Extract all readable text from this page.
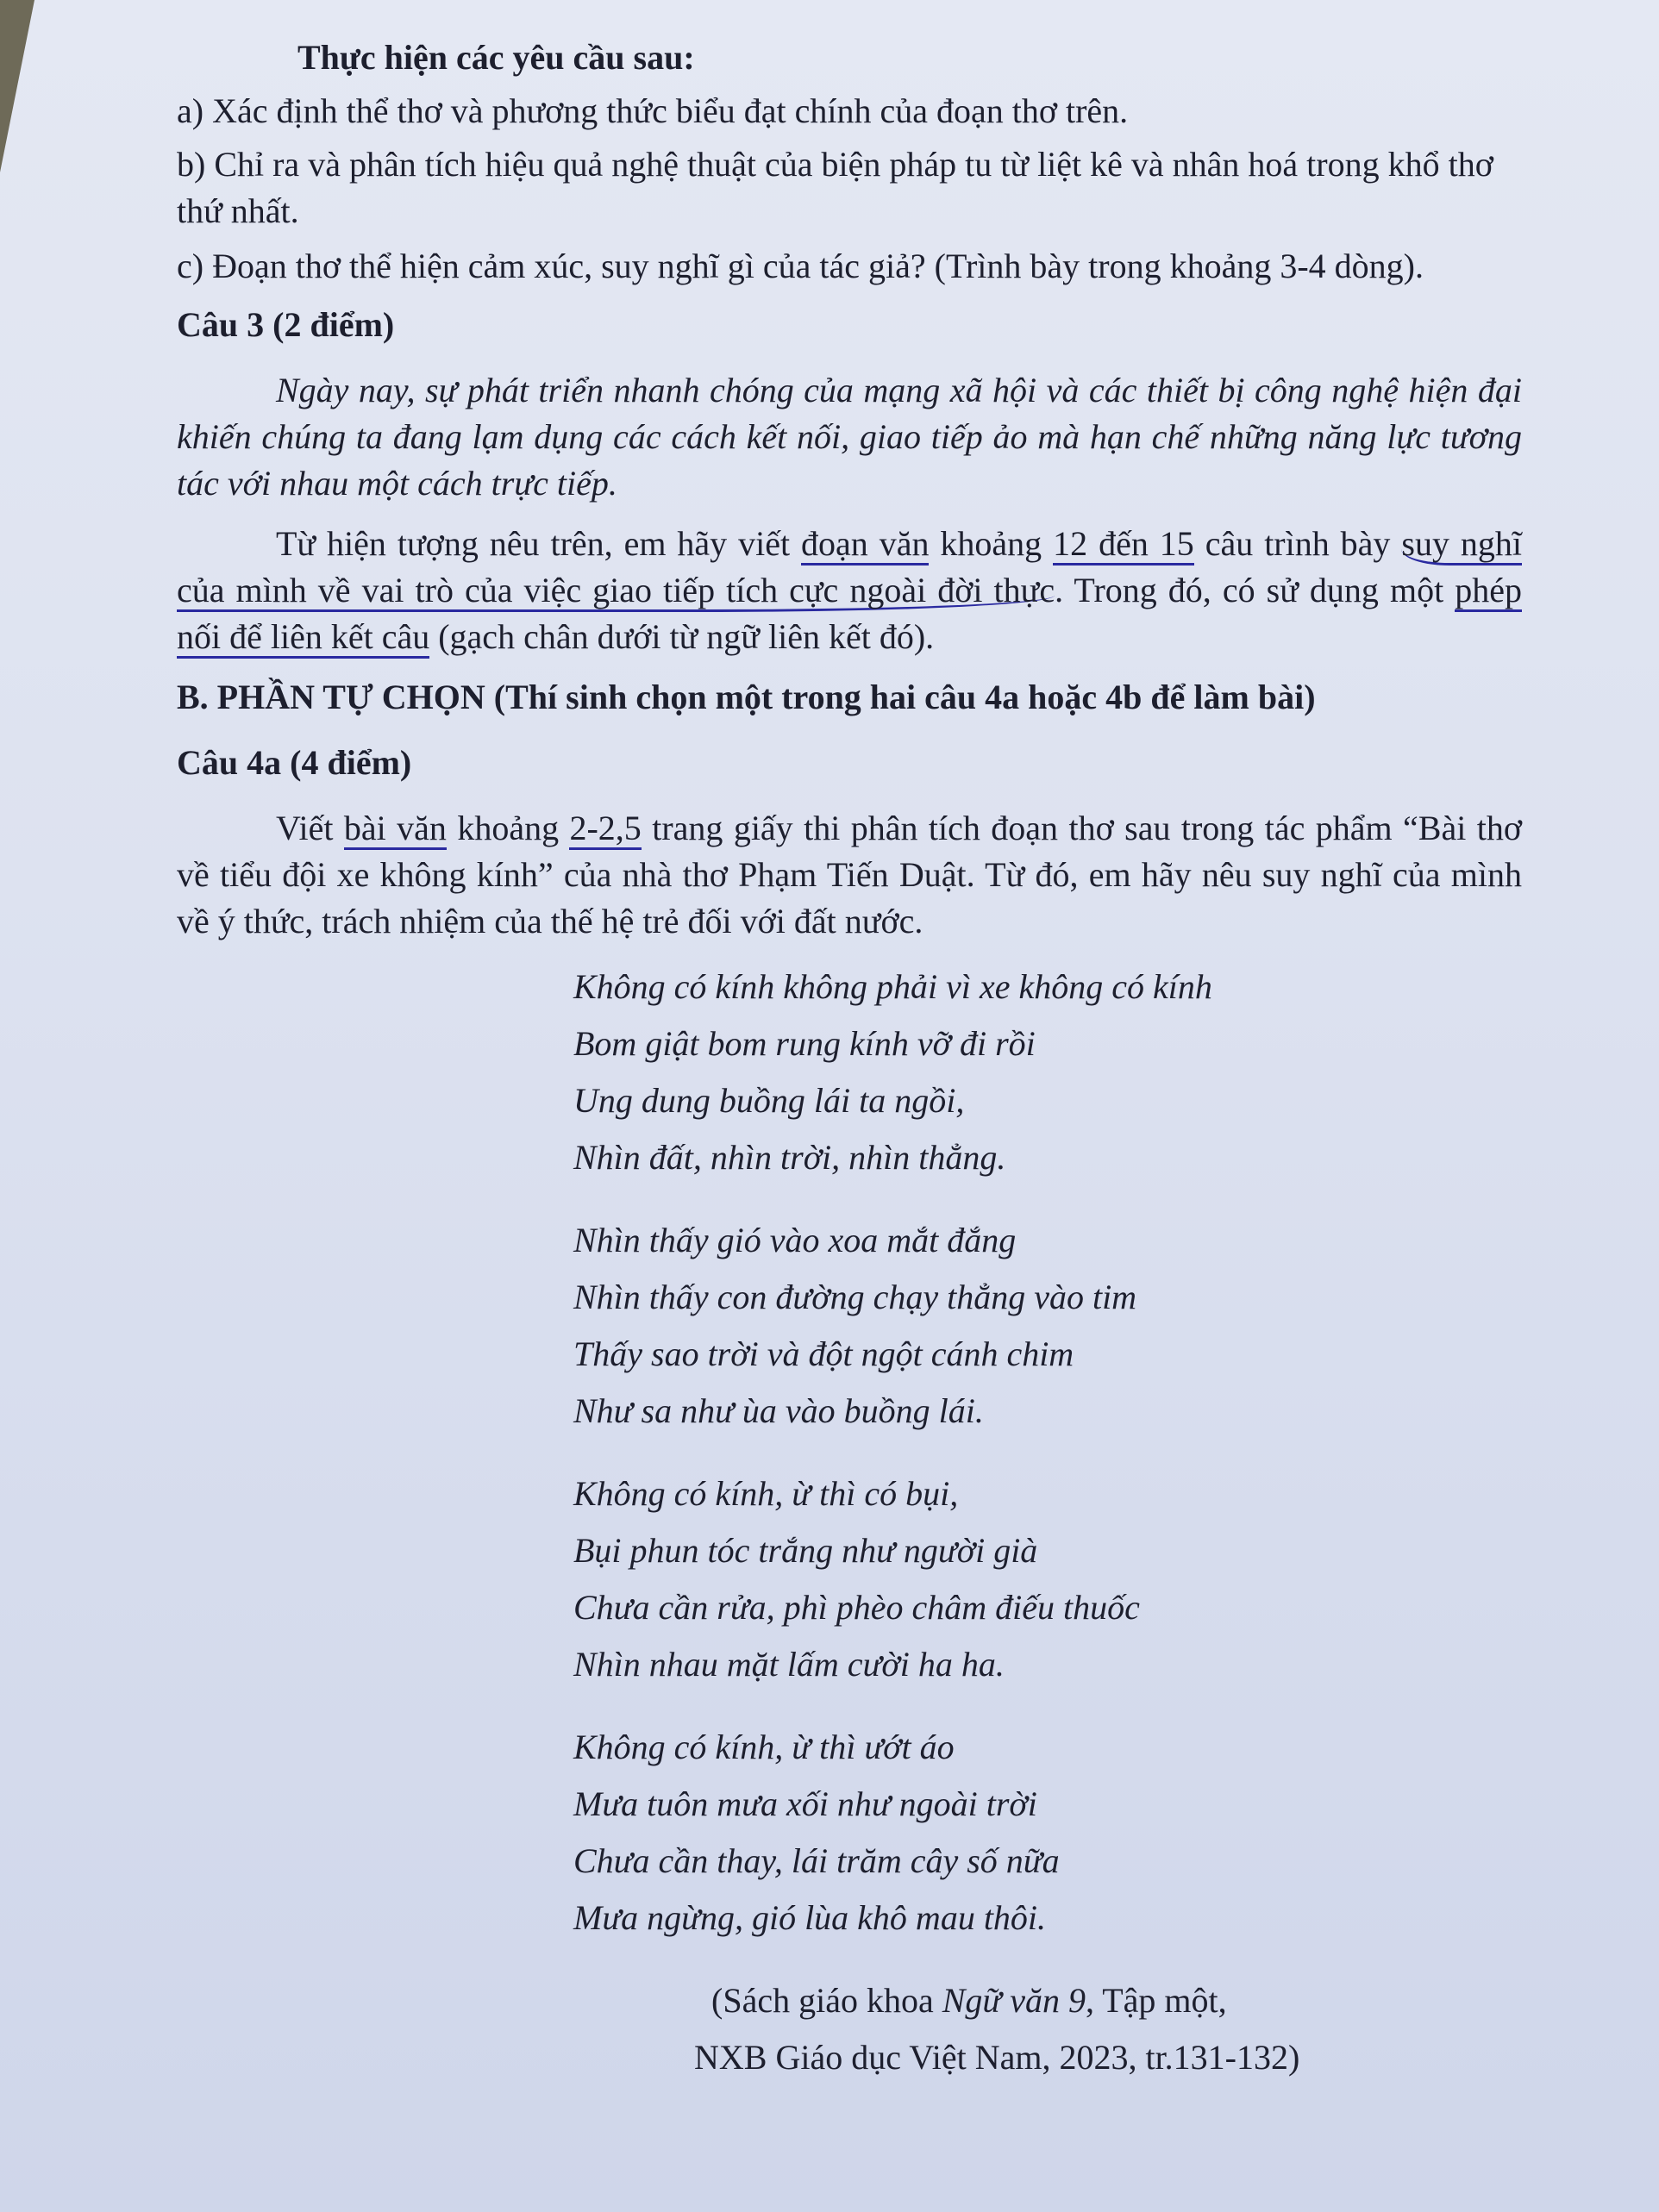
Thực hiện các yêu cầu sau:
a) Xác định thể thơ và phương thức biểu đạt chính của đoạn thơ trên.
b) Chỉ ra và phân tích hiệu quả nghệ thuật của biện pháp tu từ liệt kê và nhân hoá trong khổ thơ thứ nhất.
c) Đoạn thơ thể hiện cảm xúc, suy nghĩ gì của tác giả? (Trình bày trong khoảng 3-4 dòng).
Câu 3 (2 điểm)
Ngày nay, sự phát triển nhanh chóng của mạng xã hội và các thiết bị công nghệ hiện đại khiến chúng ta đang lạm dụng các cách kết nối, giao tiếp ảo mà hạn chế những năng lực tương tác với nhau một cách trực tiếp.
Từ hiện tượng nêu trên, em hãy viết đoạn văn khoảng 12 đến 15 câu trình bày suy nghĩ của mình về vai trò của việc giao tiếp tích cực ngoài đời thực. Trong đó, có sử dụng một phép nối để liên kết câu (gạch chân dưới từ ngữ liên kết đó).
B. PHẦN TỰ CHỌN (Thí sinh chọn một trong hai câu 4a hoặc 4b để làm bài)
Câu 4a (4 điểm)
Viết bài văn khoảng 2-2,5 trang giấy thi phân tích đoạn thơ sau trong tác phẩm “Bài thơ về tiểu đội xe không kính” của nhà thơ Phạm Tiến Duật. Từ đó, em hãy nêu suy nghĩ của mình về ý thức, trách nhiệm của thế hệ trẻ đối với đất nước.
Không có kính không phải vì xe không có kính
Bom giật bom rung kính vỡ đi rồi
Ung dung buồng lái ta ngồi,
Nhìn đất, nhìn trời, nhìn thẳng.
Nhìn thấy gió vào xoa mắt đắng
Nhìn thấy con đường chạy thẳng vào tim
Thấy sao trời và đột ngột cánh chim
Như sa như ùa vào buồng lái.
Không có kính, ừ thì có bụi,
Bụi phun tóc trắng như người già
Chưa cần rửa, phì phèo châm điếu thuốc
Nhìn nhau mặt lấm cười ha ha.
Không có kính, ừ thì ướt áo
Mưa tuôn mưa xối như ngoài trời
Chưa cần thay, lái trăm cây số nữa
Mưa ngừng, gió lùa khô mau thôi.
(Sách giáo khoa Ngữ văn 9, Tập một,
NXB Giáo dục Việt Nam, 2023, tr.131-132)
